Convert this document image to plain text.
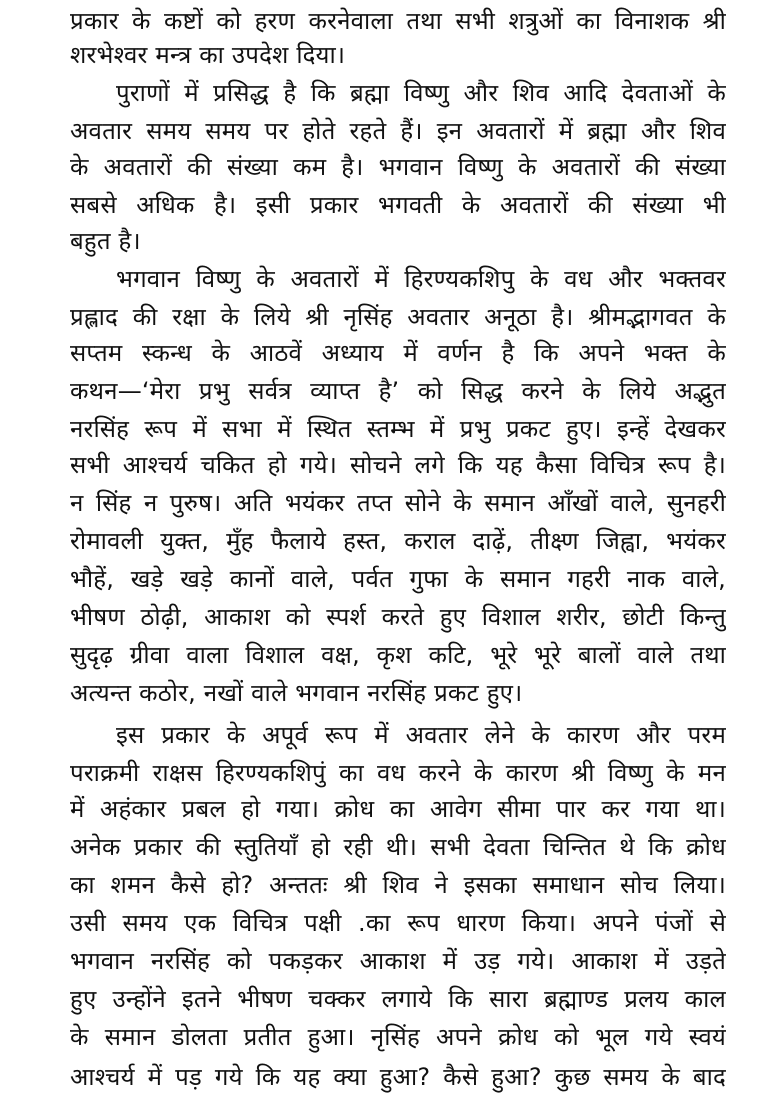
प्रकार के कष्टों को हरण करनेवाला तथा सभी शत्रुओं का विनाशक श्री
शरभेश्वर मन्त्र का उपदेश दिया।
पुराणों में प्रसिद्ध है कि ब्रह्मा विष्णु और शिव आदि देवताओं के
अवतार समय समय पर होते रहते हैं। इन अवतारों में ब्रह्मा और शिव
के अवतारों की संख्या कम है। भगवान विष्णु के अवतारों की संख्या
सबसे अधिक है। इसी प्रकार भगवती के अवतारों की संख्या भी
बहुत है।
भगवान विष्णु के अवतारों में हिरण्यकशिपु के वध और भक्तवर
प्रह्लाद की रक्षा के लिये श्री नृसिंह अवतार अनूठा है। श्रीमद्भागवत के
सप्तम स्कन्ध के आठवें अध्याय में वर्णन है कि अपने भक्त के
कथन—‘मेरा प्रभु सर्वत्र व्याप्त है’ को सिद्ध करने के लिये अद्भुत
नरसिंह रूप में सभा में स्थित स्तम्भ में प्रभु प्रकट हुए। इन्हें देखकर
सभी आश्चर्य चकित हो गये। सोचने लगे कि यह कैसा विचित्र रूप है।
न सिंह न पुरुष। अति भयंकर तप्त सोने के समान आँखों वाले, सुनहरी
रोमावली युक्त, मुँह फैलाये हस्त, कराल दाढ़ें, तीक्ष्ण जिह्वा, भयंकर
भौहें, खड़े खड़े कानों वाले, पर्वत गुफा के समान गहरी नाक वाले,
भीषण ठोढ़ी, आकाश को स्पर्श करते हुए विशाल शरीर, छोटी किन्तु
सुदृढ़ ग्रीवा वाला विशाल वक्ष, कृश कटि, भूरे भूरे बालों वाले तथा
अत्यन्त कठोर, नखों वाले भगवान नरसिंह प्रकट हुए।
इस प्रकार के अपूर्व रूप में अवतार लेने के कारण और परम
पराक्रमी राक्षस हिरण्यकशिपुं का वध करने के कारण श्री विष्णु के मन
में अहंकार प्रबल हो गया। क्रोध का आवेग सीमा पार कर गया था।
अनेक प्रकार की स्तुतियाँ हो रही थी। सभी देवता चिन्तित थे कि क्रोध
का शमन कैसे हो? अन्ततः श्री शिव ने इसका समाधान सोच लिया।
उसी समय एक विचित्र पक्षी .का रूप धारण किया। अपने पंजों से
भगवान नरसिंह को पकड़कर आकाश में उड़ गये। आकाश में उड़ते
हुए उन्होंने इतने भीषण चक्कर लगाये कि सारा ब्रह्माण्ड प्रलय काल
के समान डोलता प्रतीत हुआ। नृसिंह अपने क्रोध को भूल गये स्वयं
आश्चर्य में पड़ गये कि यह क्या हुआ? कैसे हुआ? कुछ समय के बाद
